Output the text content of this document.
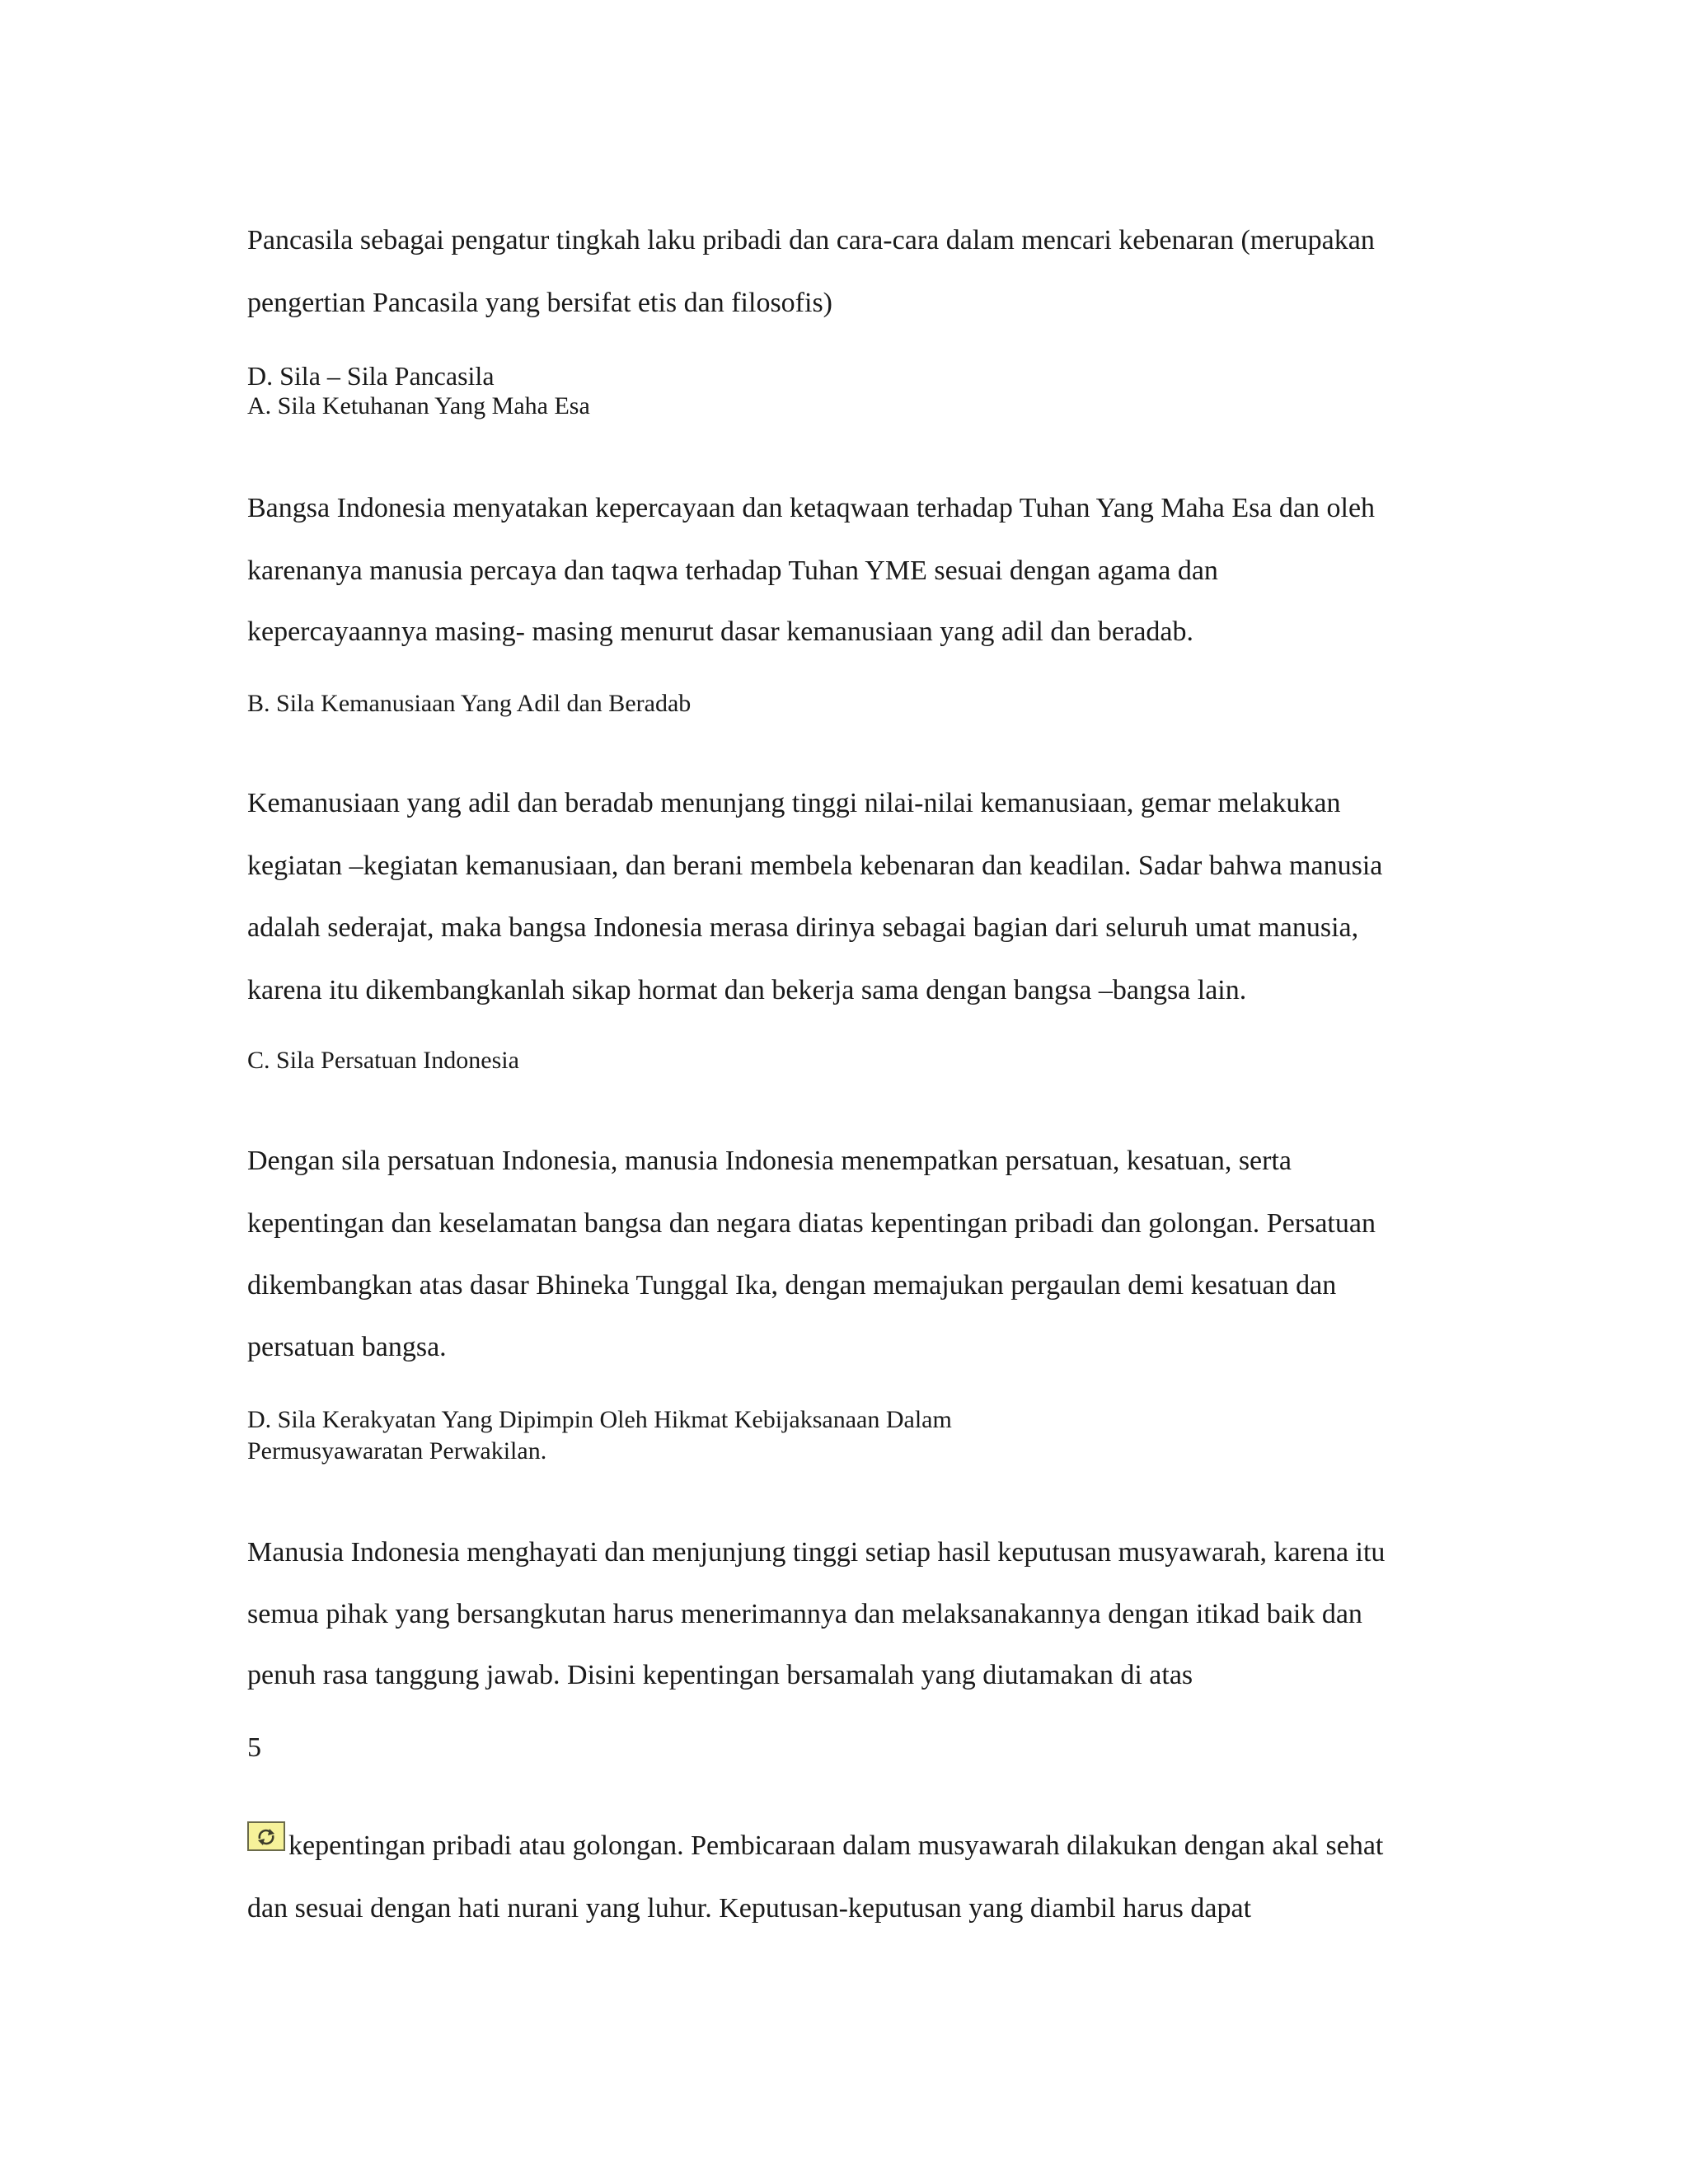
Pancasila sebagai pengatur tingkah laku pribadi dan cara-cara dalam mencari kebenaran (merupakan
pengertian Pancasila yang bersifat etis dan filosofis)
D. Sila – Sila Pancasila
A. Sila Ketuhanan Yang Maha Esa
Bangsa Indonesia menyatakan kepercayaan dan ketaqwaan terhadap Tuhan Yang Maha Esa dan oleh
karenanya manusia percaya dan taqwa terhadap Tuhan YME sesuai dengan agama dan
kepercayaannya masing- masing menurut dasar kemanusiaan yang adil dan beradab.
B. Sila Kemanusiaan Yang Adil dan Beradab
Kemanusiaan yang adil dan beradab menunjang tinggi nilai-nilai kemanusiaan, gemar melakukan
kegiatan –kegiatan kemanusiaan, dan berani membela kebenaran dan keadilan. Sadar bahwa manusia
adalah sederajat, maka bangsa Indonesia merasa dirinya sebagai bagian dari seluruh umat manusia,
karena itu dikembangkanlah sikap hormat dan bekerja sama dengan bangsa –bangsa lain.
C. Sila Persatuan Indonesia
Dengan sila persatuan Indonesia, manusia Indonesia menempatkan persatuan, kesatuan, serta
kepentingan dan keselamatan bangsa dan negara diatas kepentingan pribadi dan golongan. Persatuan
dikembangkan atas dasar Bhineka Tunggal Ika, dengan memajukan pergaulan demi kesatuan dan
persatuan bangsa.
D. Sila Kerakyatan Yang Dipimpin Oleh Hikmat Kebijaksanaan Dalam
Permusyawaratan Perwakilan.
Manusia Indonesia menghayati dan menjunjung tinggi setiap hasil keputusan musyawarah, karena itu
semua pihak yang bersangkutan harus menerimannya dan melaksanakannya dengan itikad baik dan
penuh rasa tanggung jawab. Disini kepentingan bersamalah yang diutamakan di atas
5
kepentingan pribadi atau golongan. Pembicaraan dalam musyawarah dilakukan dengan akal sehat
dan sesuai dengan hati nurani yang luhur. Keputusan-keputusan yang diambil harus dapat
